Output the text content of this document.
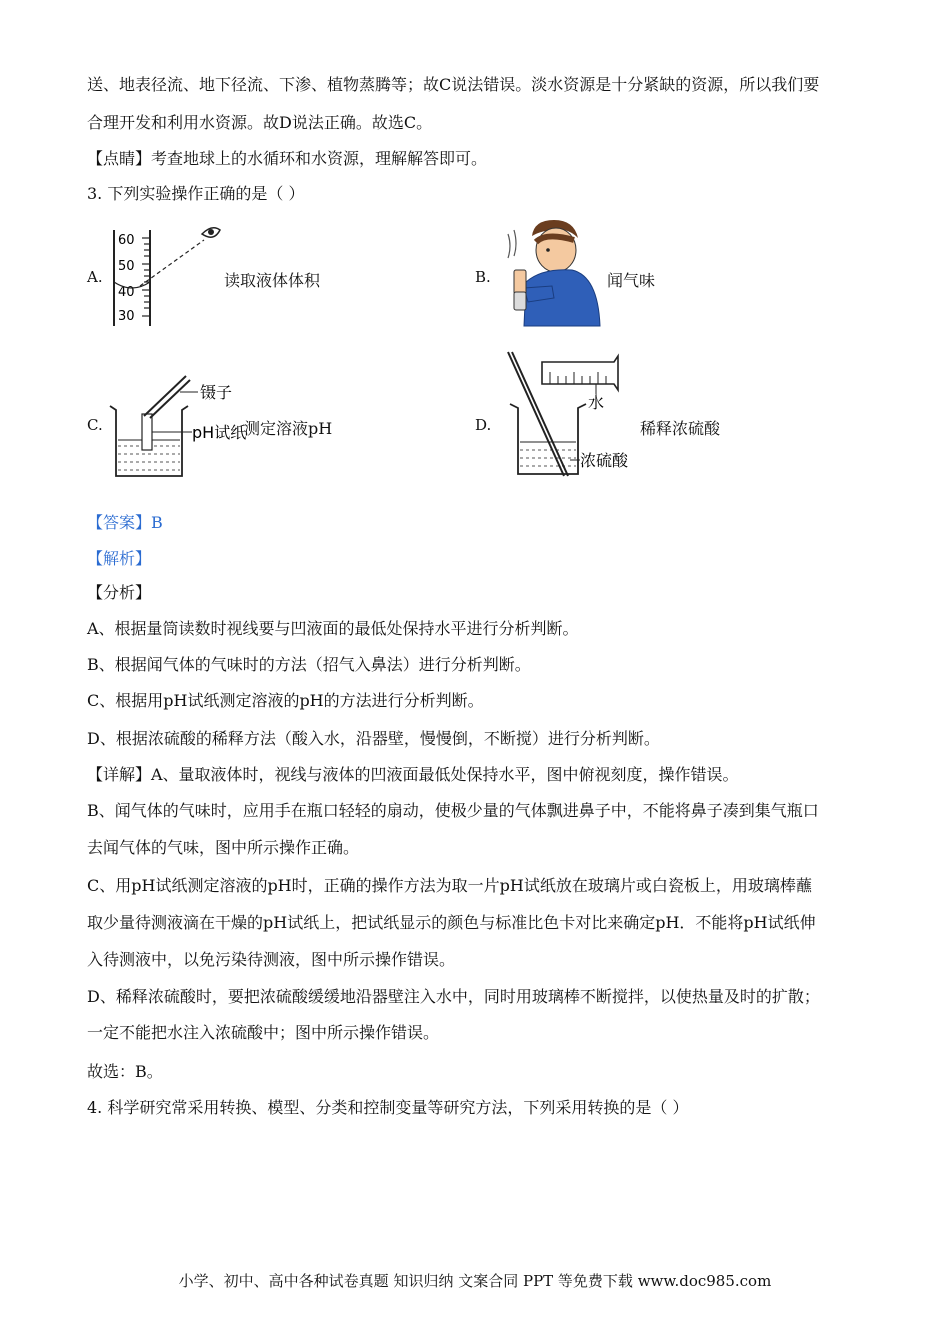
送、地表径流、地下径流、下渗、植物蒸腾等；故C说法错误。淡水资源是十分紧缺的资源，所以我们要
合理开发和利用水资源。故D说法正确。故选C。
【点睛】考查地球上的水循环和水资源，理解解答即可。
3. 下列实验操作正确的是（ ）
A.
60
50
40
30
读取液体体积	B.	闻气味
C.
镊子
pH试纸
测定溶液pH	D.
水
浓硫酸
稀释浓硫酸
【答案】B
【解析】
【分析】
A、根据量筒读数时视线要与凹液面的最低处保持水平进行分析判断。
B、根据闻气体的气味时的方法（招气入鼻法）进行分析判断。
C、根据用pH试纸测定溶液的pH的方法进行分析判断。
D、根据浓硫酸的稀释方法（酸入水，沿器壁，慢慢倒，不断搅）进行分析判断。
【详解】A、量取液体时，视线与液体的凹液面最低处保持水平，图中俯视刻度，操作错误。
B、闻气体的气味时，应用手在瓶口轻轻的扇动，使极少量的气体飘进鼻子中，不能将鼻子凑到集气瓶口
去闻气体的气味，图中所示操作正确。
C、用pH试纸测定溶液的pH时，正确的操作方法为取一片pH试纸放在玻璃片或白瓷板上，用玻璃棒蘸
取少量待测液滴在干燥的pH试纸上，把试纸显示的颜色与标准比色卡对比来确定pH．不能将pH试纸伸
入待测液中，以免污染待测液，图中所示操作错误。
D、稀释浓硫酸时，要把浓硫酸缓缓地沿器壁注入水中，同时用玻璃棒不断搅拌，以使热量及时的扩散；
一定不能把水注入浓硫酸中；图中所示操作错误。
故选：B。
4. 科学研究常采用转换、模型、分类和控制变量等研究方法，下列采用转换的是（ ）
小学、初中、高中各种试卷真题 知识归纳 文案合同 PPT 等免费下载 www.doc985.com
